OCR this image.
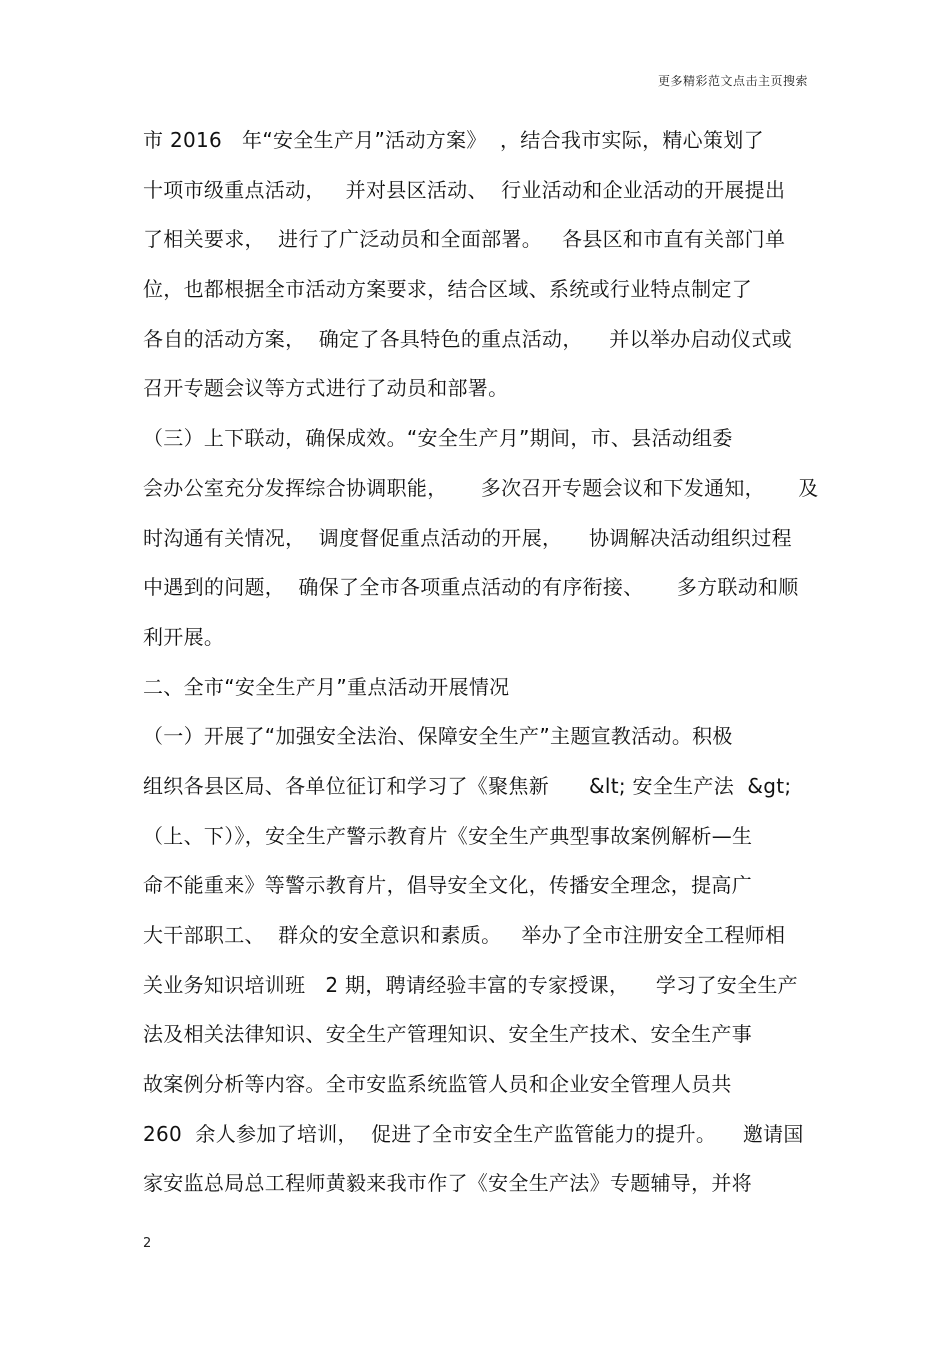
更多精彩范文点击主页搜索
市 2016   年“安全生产月”活动方案》  ，结合我市实际，精心策划了
十项市级重点活动，   并对县区活动、  行业活动和企业活动的开展提出
了相关要求，  进行了广泛动员和全面部署。   各县区和市直有关部门单
位，也都根据全市活动方案要求，结合区域、系统或行业特点制定了
各自的活动方案，  确定了各具特色的重点活动，    并以举办启动仪式或
召开专题会议等方式进行了动员和部署。
（三）上下联动，确保成效。“安全生产月”期间，市、县活动组委
会办公室充分发挥综合协调职能，     多次召开专题会议和下发通知，     及
时沟通有关情况，  调度督促重点活动的开展，    协调解决活动组织过程
中遇到的问题，  确保了全市各项重点活动的有序衔接、     多方联动和顺
利开展。
二、全市“安全生产月”重点活动开展情况
（一）开展了“加强安全法治、保障安全生产”主题宣教活动。积极
组织各县区局、各单位征订和学习了《聚焦新      &lt; 安全生产法  &gt;
（上、下）》，安全生产警示教育片《安全生产典型事故案例解析—生
命不能重来》等警示教育片，倡导安全文化，传播安全理念，提高广
大干部职工、  群众的安全意识和素质。   举办了全市注册安全工程师相
关业务知识培训班   2 期，聘请经验丰富的专家授课，    学习了安全生产
法及相关法律知识、安全生产管理知识、安全生产技术、安全生产事
故案例分析等内容。全市安监系统监管人员和企业安全管理人员共
260  余人参加了培训，  促进了全市安全生产监管能力的提升。    邀请国
家安监总局总工程师黄毅来我市作了《安全生产法》专题辅导，并将
2
